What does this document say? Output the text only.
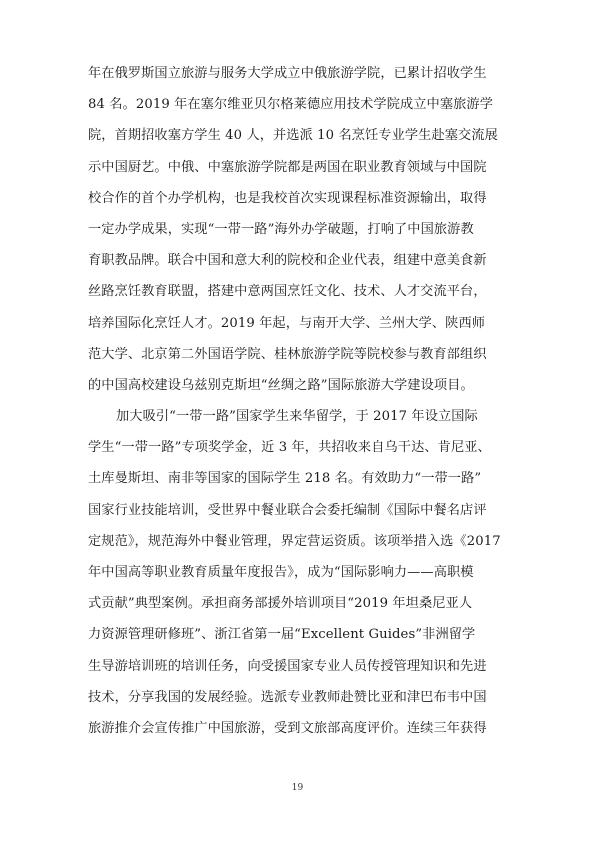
年在俄罗斯国立旅游与服务大学成立中俄旅游学院，已累计招收学生
84 名。2019 年在塞尔维亚贝尔格莱德应用技术学院成立中塞旅游学
院，首期招收塞方学生 40 人，并选派 10 名烹饪专业学生赴塞交流展
示中国厨艺。中俄、中塞旅游学院都是两国在职业教育领域与中国院
校合作的首个办学机构，也是我校首次实现课程标准资源输出，取得
一定办学成果，实现“一带一路”海外办学破题，打响了中国旅游教
育职教品牌。联合中国和意大利的院校和企业代表，组建中意美食新
丝路烹饪教育联盟，搭建中意两国烹饪文化、技术、人才交流平台，
培养国际化烹饪人才。2019 年起，与南开大学、兰州大学、陕西师
范大学、北京第二外国语学院、桂林旅游学院等院校参与教育部组织
的中国高校建设乌兹别克斯坦“丝绸之路”国际旅游大学建设项目。
加大吸引“一带一路”国家学生来华留学，于 2017 年设立国际
学生“一带一路”专项奖学金，近 3 年，共招收来自乌干达、肯尼亚、
土库曼斯坦、南非等国家的国际学生 218 名。有效助力“一带一路”
国家行业技能培训，受世界中餐业联合会委托编制《国际中餐名店评
定规范》，规范海外中餐业管理，界定营运资质。该项举措入选《2017
年中国高等职业教育质量年度报告》，成为“国际影响力——高职模
式贡献”典型案例。承担商务部援外培训项目“2019 年坦桑尼亚人
力资源管理研修班”、浙江省第一届“Excellent Guides”非洲留学
生导游培训班的培训任务，向受援国家专业人员传授管理知识和先进
技术，分享我国的发展经验。选派专业教师赴赞比亚和津巴布韦中国
旅游推介会宣传推广中国旅游，受到文旅部高度评价。连续三年获得
19
